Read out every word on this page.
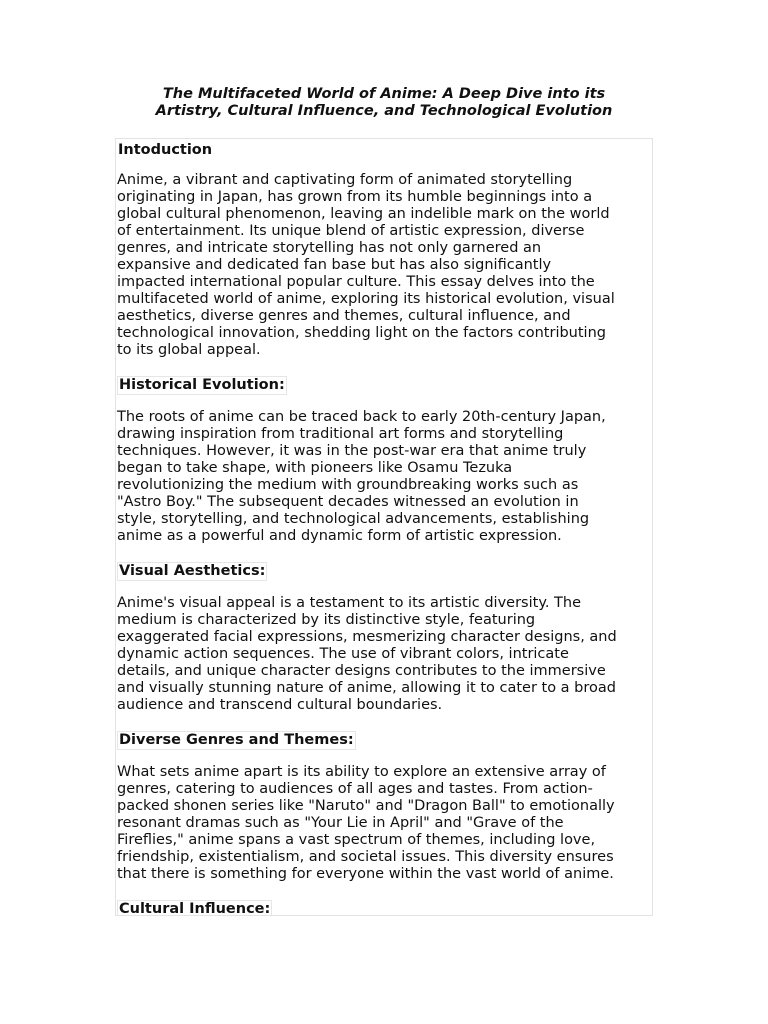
The Multifaceted World of Anime: A Deep Dive into its
Artistry, Cultural Influence, and Technological Evolution
Intoduction
Anime, a vibrant and captivating form of animated storytelling
originating in Japan, has grown from its humble beginnings into a
global cultural phenomenon, leaving an indelible mark on the world
of entertainment. Its unique blend of artistic expression, diverse
genres, and intricate storytelling has not only garnered an
expansive and dedicated fan base but has also significantly
impacted international popular culture. This essay delves into the
multifaceted world of anime, exploring its historical evolution, visual
aesthetics, diverse genres and themes, cultural influence, and
technological innovation, shedding light on the factors contributing
to its global appeal.
Historical Evolution:
The roots of anime can be traced back to early 20th-century Japan,
drawing inspiration from traditional art forms and storytelling
techniques. However, it was in the post-war era that anime truly
began to take shape, with pioneers like Osamu Tezuka
revolutionizing the medium with groundbreaking works such as
"Astro Boy." The subsequent decades witnessed an evolution in
style, storytelling, and technological advancements, establishing
anime as a powerful and dynamic form of artistic expression.
Visual Aesthetics:
Anime's visual appeal is a testament to its artistic diversity. The
medium is characterized by its distinctive style, featuring
exaggerated facial expressions, mesmerizing character designs, and
dynamic action sequences. The use of vibrant colors, intricate
details, and unique character designs contributes to the immersive
and visually stunning nature of anime, allowing it to cater to a broad
audience and transcend cultural boundaries.
Diverse Genres and Themes:
What sets anime apart is its ability to explore an extensive array of
genres, catering to audiences of all ages and tastes. From action-
packed shonen series like "Naruto" and "Dragon Ball" to emotionally
resonant dramas such as "Your Lie in April" and "Grave of the
Fireflies," anime spans a vast spectrum of themes, including love,
friendship, existentialism, and societal issues. This diversity ensures
that there is something for everyone within the vast world of anime.
Cultural Influence:
